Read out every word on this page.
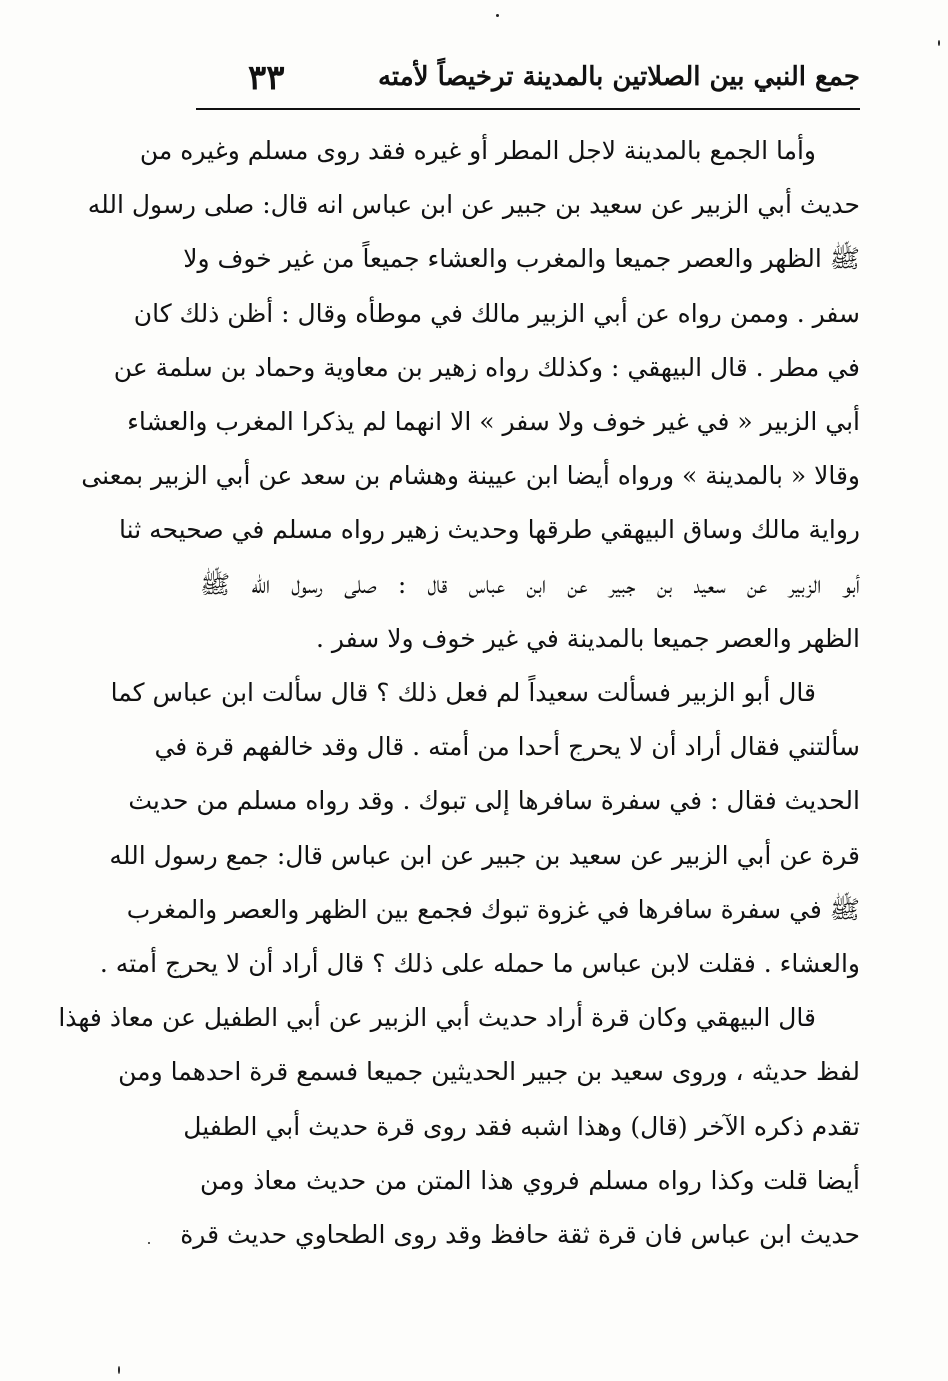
جمع النبي بين الصلاتين بالمدينة ترخيصاً لأمته
٣٣
وأما الجمع بالمدينة لاجل المطر أو غيره فقد روى مسلم وغيره من
حديث أبي الزبير عن سعيد بن جبير عن ابن عباس انه قال: صلى رسول الله
ﷺ الظهر والعصر جميعا والمغرب والعشاء جميعاً من غير خوف ولا
سفر . وممن رواه عن أبي الزبير مالك في موطأه وقال : أظن ذلك كان
في مطر . قال البيهقي : وكذلك رواه زهير بن معاوية وحماد بن سلمة عن
أبي الزبير « في غير خوف ولا سفر » الا انهما لم يذكرا المغرب والعشاء
وقالا « بالمدينة » ورواه أيضا ابن عيينة وهشام بن سعد عن أبي الزبير بمعنى
رواية مالك وساق البيهقي طرقها وحديث زهير رواه مسلم في صحيحه ثنا
أبو الزبير عن سعيد بن جبير عن ابن عباس قال : صلى رسول الله ﷺ
الظهر والعصر جميعا بالمدينة في غير خوف ولا سفر .
قال أبو الزبير فسألت سعيداً لم فعل ذلك ؟ قال سألت ابن عباس كما
سألتني فقال أراد أن لا يحرج أحدا من أمته . قال وقد خالفهم قرة في
الحديث فقال : في سفرة سافرها إلى تبوك . وقد رواه مسلم من حديث
قرة عن أبي الزبير عن سعيد بن جبير عن ابن عباس قال: جمع رسول الله
ﷺ في سفرة سافرها في غزوة تبوك فجمع بين الظهر والعصر والمغرب
والعشاء . فقلت لابن عباس ما حمله على ذلك ؟ قال أراد أن لا يحرج أمته .
قال البيهقي وكان قرة أراد حديث أبي الزبير عن أبي الطفيل عن معاذ فهذا
لفظ حديثه ، وروى سعيد بن جبير الحديثين جميعا فسمع قرة احدهما ومن
تقدم ذكره الآخر (قال) وهذا اشبه فقد روى قرة حديث أبي الطفيل
أيضا قلت وكذا رواه مسلم فروي هذا المتن من حديث معاذ ومن
حديث ابن عباس فان قرة ثقة حافظ وقد روى الطحاوي حديث قرة
